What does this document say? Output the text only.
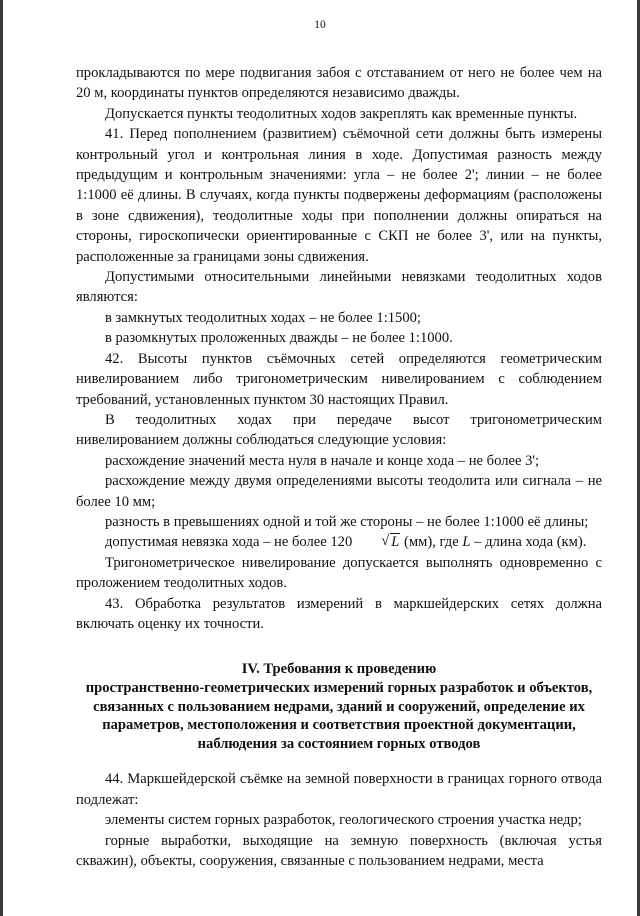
10

прокладываются по мере подвигания забоя с отставанием от него не более чем на 20 м, координаты пунктов определяются независимо дважды.

Допускается пункты теодолитных ходов закреплять как временные пункты.

41. Перед пополнением (развитием) съёмочной сети должны быть измерены контрольный угол и контрольная линия в ходе. Допустимая разность между предыдущим и контрольным значениями: угла – не более 2'; линии – не более 1:1000 её длины. В случаях, когда пункты подвержены деформациям (расположены в зоне сдвижения), теодолитные ходы при пополнении должны опираться на стороны, гироскопически ориентированные с СКП не более 3', или на пункты, расположенные за границами зоны сдвижения.

Допустимыми относительными линейными невязками теодолитных ходов являются:

в замкнутых теодолитных ходах – не более 1:1500;

в разомкнутых проложенных дважды – не более 1:1000.

42. Высоты пунктов съёмочных сетей определяются геометрическим нивелированием либо тригонометрическим нивелированием с соблюдением требований, установленных пунктом 30 настоящих Правил.

В теодолитных ходах при передаче высот тригонометрическим нивелированием должны соблюдаться следующие условия:

расхождение значений места нуля в начале и конце хода – не более 3';

расхождение между двумя определениями высоты теодолита или сигнала – не более 10 мм;

разность в превышениях одной и той же стороны – не более 1:1000 её длины;

допустимая невязка хода – не более 120	√ L (мм), где L – длина хода (км).

Тригонометрическое нивелирование допускается выполнять одновременно с проложением теодолитных ходов.

43. Обработка результатов измерений в маркшейдерских сетях должна включать оценку их точности.

IV. Требования к проведению
пространственно-геометрических измерений горных разработок и объектов, связанных с пользованием недрами, зданий и сооружений, определение их параметров, местоположения и соответствия проектной документации, наблюдения за состоянием горных отводов

44. Маркшейдерской съёмке на земной поверхности в границах горного отвода подлежат:

элементы систем горных разработок, геологического строения участка недр;

горные выработки, выходящие на земную поверхность (включая устья скважин), объекты, сооружения, связанные с пользованием недрами, места
